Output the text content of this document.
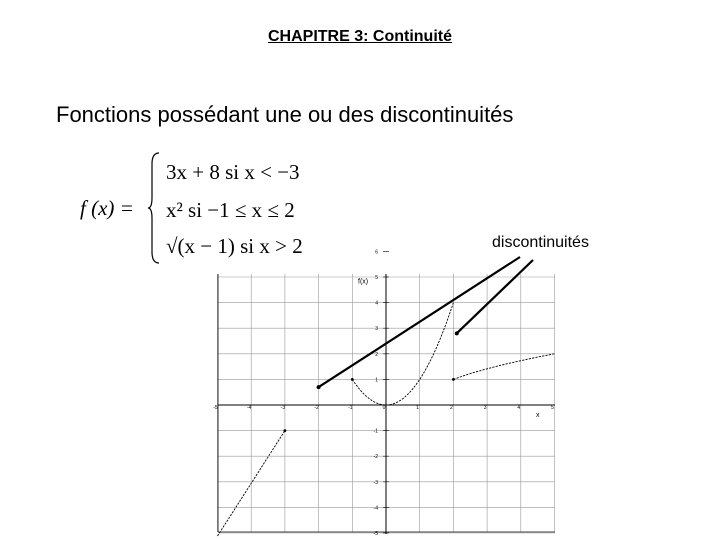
CHAPITRE 3: Continuité
Fonctions possédant une ou des discontinuités
f (x) =
3x + 8 si x < −3
x² si −1 ≤ x ≤ 2
√(x − 1) si x > 2	discontinuités
-5	-4	-3	-2	-1	0	1	2	3	4	5
6
5
4
3
2
1
-1
-2
-3
-4
-5
f(x)
x
